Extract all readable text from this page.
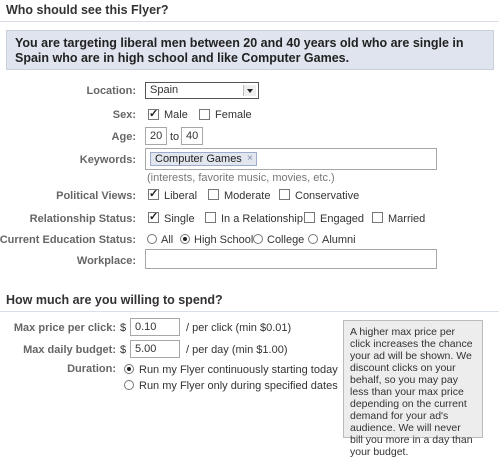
Who should see this Flyer?
You are targeting liberal men between 20 and 40 years old who are single in Spain who are in high school and like Computer Games.
Location:	Spain
Sex: ✓	Male Female
Age:	20 to 40
Keywords:	Computer Games ×
(interests, favorite music, movies, etc.)
Political Views: ✓	Liberal Moderate Conservative
Relationship Status: ✓	Single In a Relationship Engaged Married
Current Education Status: All High School College Alumni
Workplace:
How much are you willing to spend?
Max price per click: $ 0.10	/ per click (min $0.01)
Max daily budget: $ 5.00	/ per day (min $1.00)
Duration: Run my Flyer continuously starting today
Run my Flyer only during specified dates
A higher max price per click increases the chance your ad will be shown. We discount clicks on your behalf, so you may pay less than your max price depending on the current demand for your ad's audience. We will never bill you more in a day than your budget.
